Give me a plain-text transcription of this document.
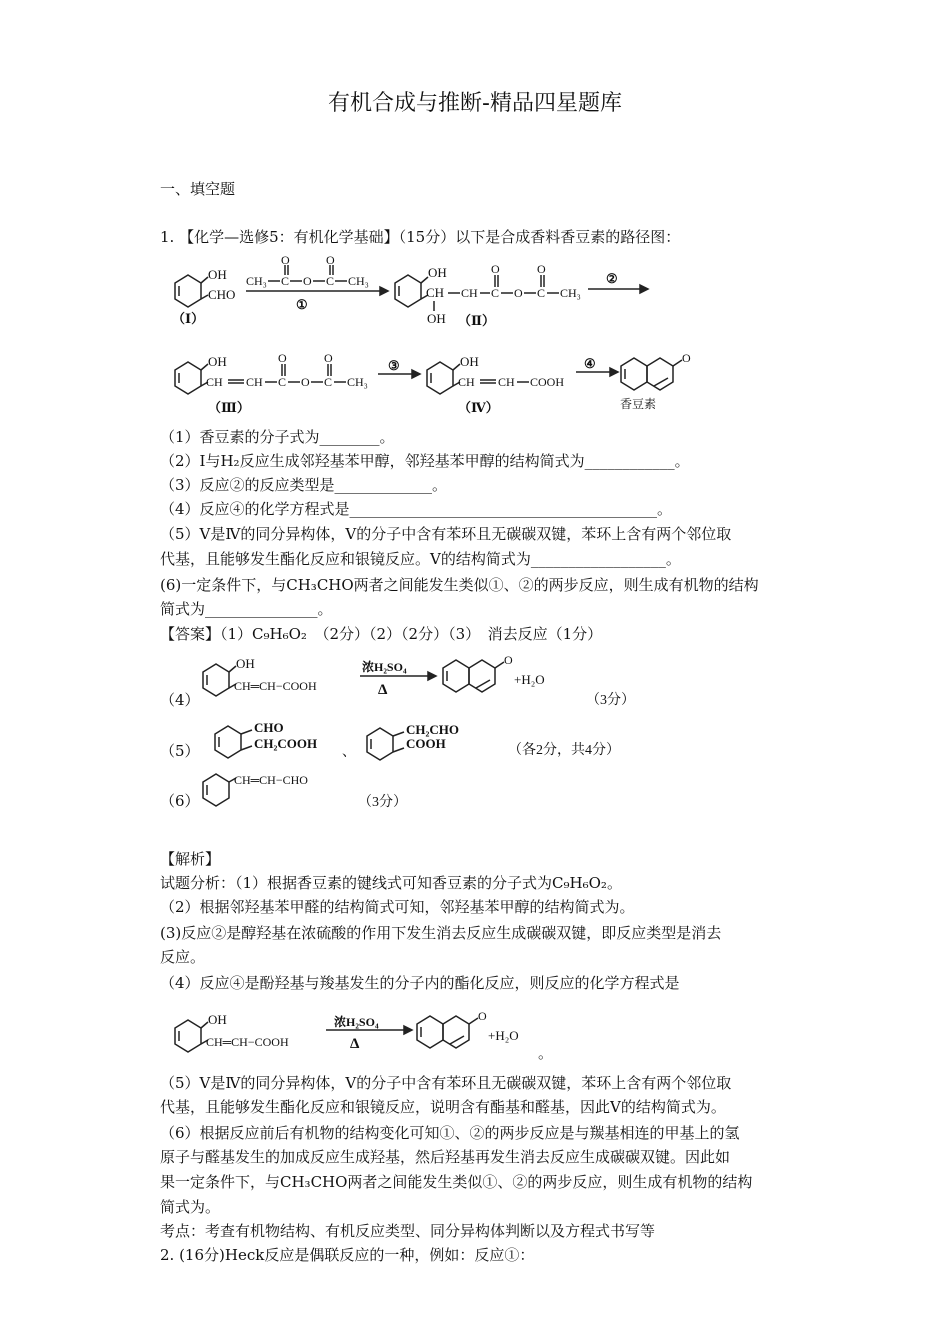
有机合成与推断-精品四星题库
一、填空题
1. 【化学—选修5：有机化学基础】（15分）以下是合成香料香豆素的路径图：
OH
CHO
（Ⅰ）
CH₃ C
O
O C
O
CH₃
①
OH
CH
OH
CH C
O
O C
O
CH₃
（Ⅱ）
②
OH
CH CH C
O
O C
O
CH₃
（Ⅲ）
③	OH
CH CH COOH
（Ⅳ）
④	O
香豆素
（1）香豆素的分子式为________。
（2）Ⅰ与H₂反应生成邻羟基苯甲醇，邻羟基苯甲醇的结构简式为____________。
（3）反应②的反应类型是_____________。
（4）反应④的化学方程式是_________________________________________。
（5）Ⅴ是Ⅳ的同分异构体，Ⅴ的分子中含有苯环且无碳碳双键，苯环上含有两个邻位取
代基，且能够发生酯化反应和银镜反应。Ⅴ的结构简式为__________________。
(6)一定条件下，与CH₃CHO两者之间能发生类似①、②的两步反应，则生成有机物的结构
简式为_______________。
【答案】（1）C₉H₆O₂　（2分）（2）（2分）（3）　消去反应（1分）
（4）
OH
CH═CH−COOH
浓H₂SO₄
Δ
O
+H₂O
（3分）
（5）
CHO
CH₂COOH
、
CH₂CHO
COOH	（各2分，共4分）
（6）
CH═CH−CHO
（3分）
【解析】
试题分析：（1）根据香豆素的键线式可知香豆素的分子式为C₉H₆O₂。
（2）根据邻羟基苯甲醛的结构简式可知，邻羟基苯甲醇的结构简式为。
(3)反应②是醇羟基在浓硫酸的作用下发生消去反应生成碳碳双键，即反应类型是消去
反应。
（4）反应④是酚羟基与羧基发生的分子内的酯化反应，则反应的化学方程式是
OH
CH═CH−COOH
浓H₂SO₄
Δ
O
+H₂O
。
（5）Ⅴ是Ⅳ的同分异构体，Ⅴ的分子中含有苯环且无碳碳双键，苯环上含有两个邻位取
代基，且能够发生酯化反应和银镜反应，说明含有酯基和醛基，因此Ⅴ的结构简式为。
（6）根据反应前后有机物的结构变化可知①、②的两步反应是与羰基相连的甲基上的氢
原子与醛基发生的加成反应生成羟基，然后羟基再发生消去反应生成碳碳双键。因此如
果一定条件下，与CH₃CHO两者之间能发生类似①、②的两步反应，则生成有机物的结构
简式为。
考点：考查有机物结构、有机反应类型、同分异构体判断以及方程式书写等
2. (16分)Heck反应是偶联反应的一种，例如：反应①：
